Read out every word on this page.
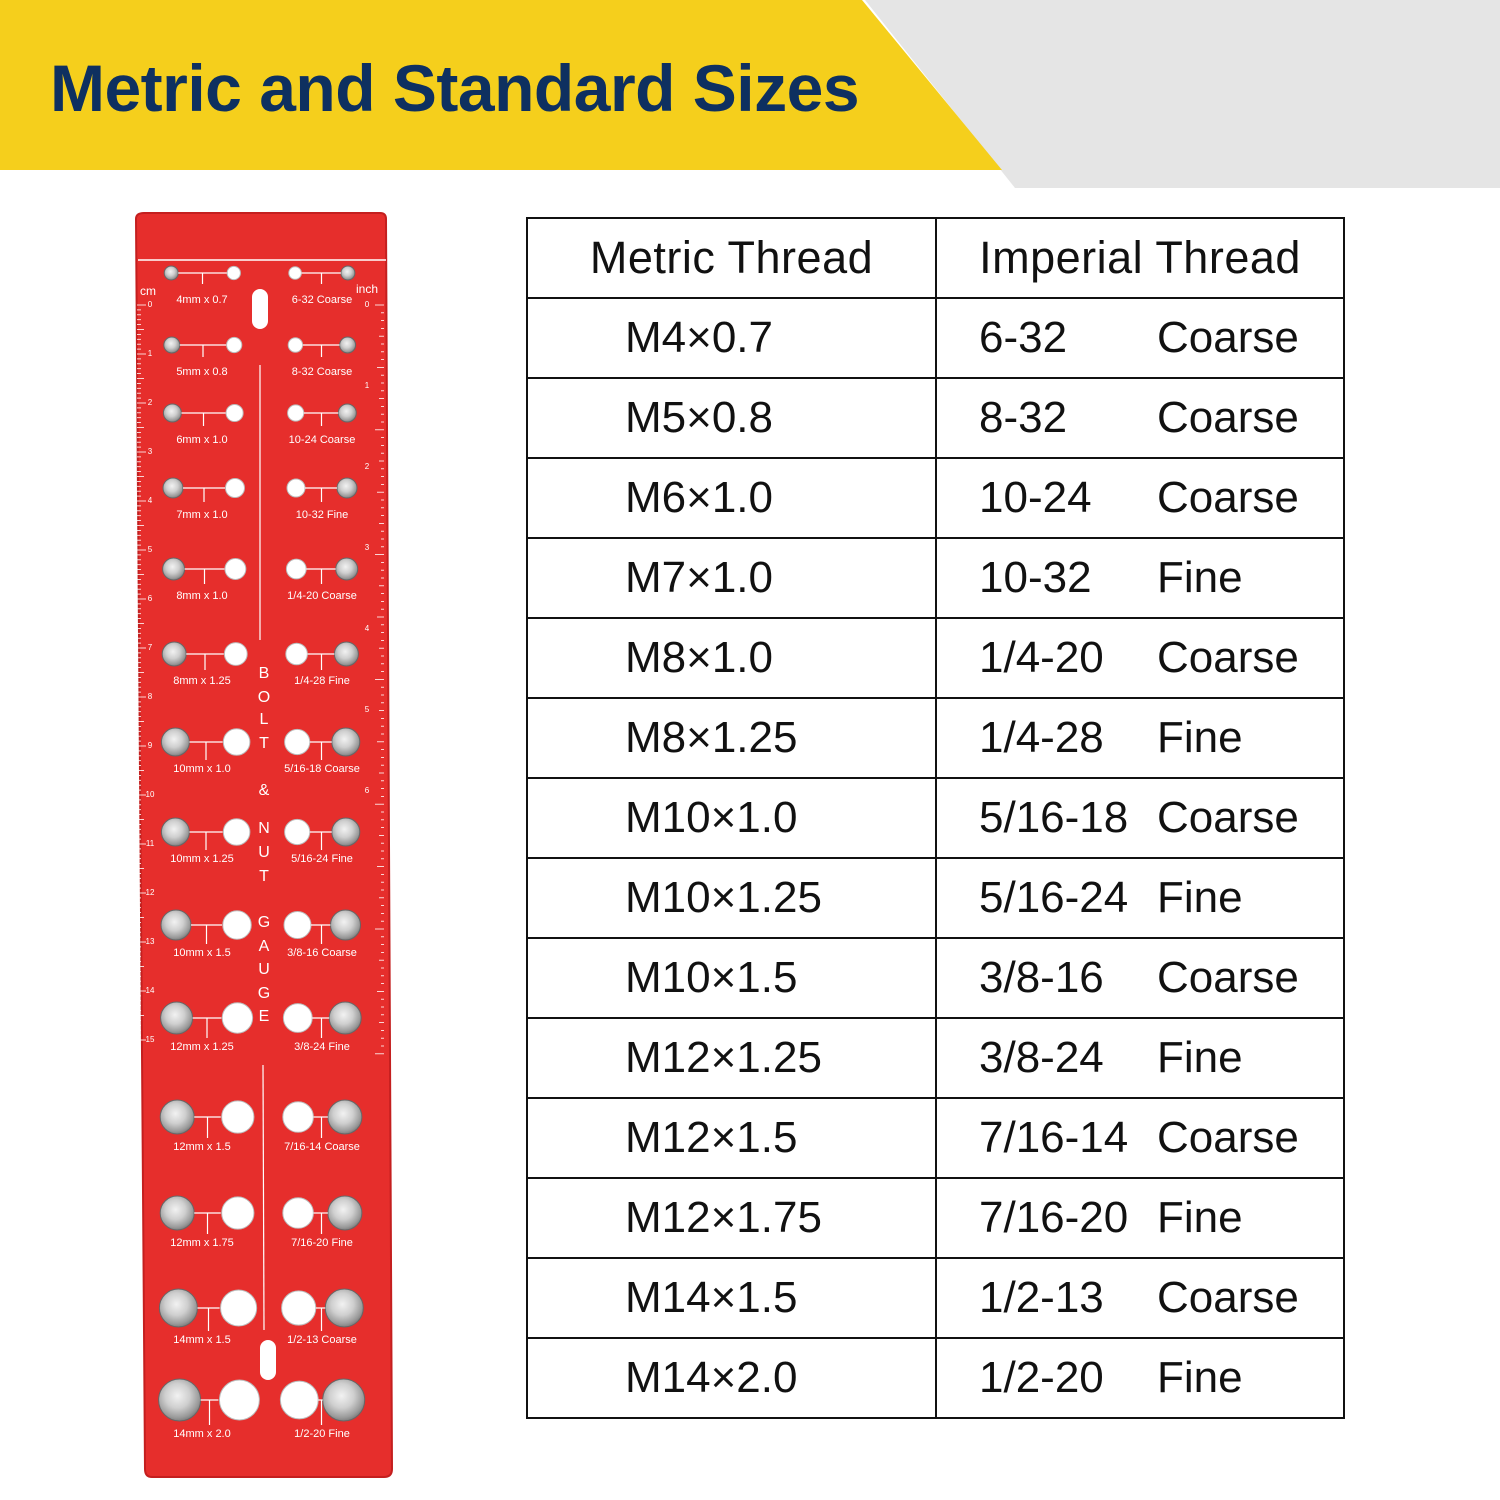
Metric and Standard Sizes
cm	inch
0
1
2
3
4
5
6
7
8
9
10
11
12
13
14
15
0
1
2
3
4
5
6
B
O
L
T
&
N
U
T
G
A
U
G
E
4mm x 0.7	6-32 Coarse
5mm x 0.8	8-32 Coarse
6mm x 1.0	10-24 Coarse
7mm x 1.0	10-32 Fine
8mm x 1.0	1/4-20 Coarse
8mm x 1.25	1/4-28 Fine
10mm x 1.0	5/16-18 Coarse
10mm x 1.25	5/16-24 Fine
10mm x 1.5	3/8-16 Coarse
12mm x 1.25	3/8-24 Fine
12mm x 1.5	7/16-14 Coarse
12mm x 1.75	7/16-20 Fine
14mm x 1.5	1/2-13 Coarse
14mm x 2.0	1/2-20 Fine
Metric Thread	Imperial Thread
M4×0.7	6-32 Coarse
M5×0.8	8-32 Coarse
M6×1.0	10-24 Coarse
M7×1.0	10-32 Fine
M8×1.0	1/4-20 Coarse
M8×1.25	1/4-28 Fine
M10×1.0	5/16-18 Coarse
M10×1.25	5/16-24 Fine
M10×1.5	3/8-16 Coarse
M12×1.25	3/8-24 Fine
M12×1.5	7/16-14 Coarse
M12×1.75	7/16-20 Fine
M14×1.5	1/2-13 Coarse
M14×2.0	1/2-20 Fine
